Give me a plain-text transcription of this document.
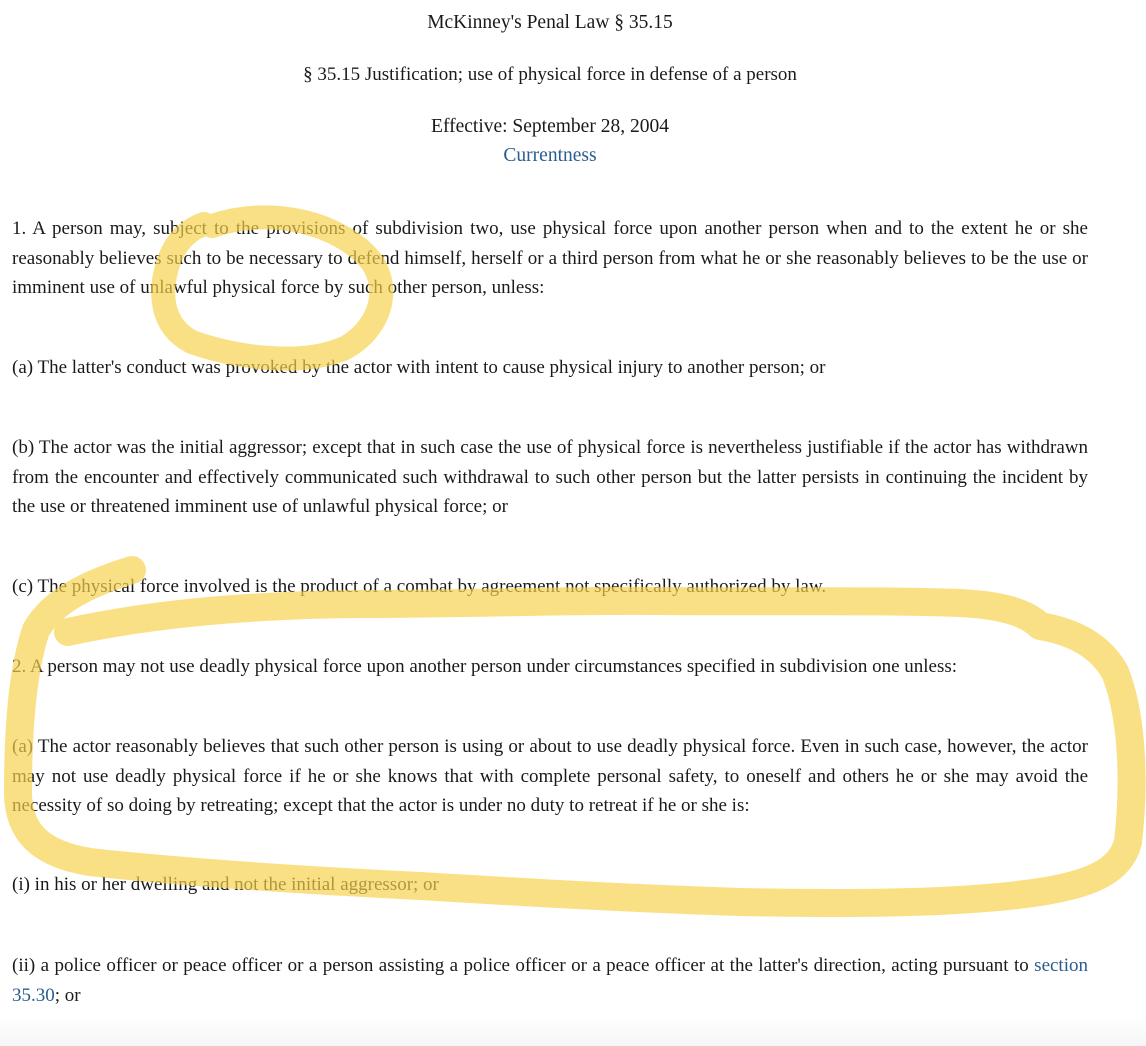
McKinney's Penal Law § 35.15
§ 35.15 Justification; use of physical force in defense of a person
Effective: September 28, 2004
Currentness
1. A person may, subject to the provisions of subdivision two, use physical force upon another person when and to the extent he or she reasonably believes such to be necessary to defend himself, herself or a third person from what he or she reasonably believes to be the use or imminent use of unlawful physical force by such other person, unless:
(a) The latter's conduct was provoked by the actor with intent to cause physical injury to another person; or
(b) The actor was the initial aggressor; except that in such case the use of physical force is nevertheless justifiable if the actor has withdrawn from the encounter and effectively communicated such withdrawal to such other person but the latter persists in continuing the incident by the use or threatened imminent use of unlawful physical force; or
(c) The physical force involved is the product of a combat by agreement not specifically authorized by law.
2. A person may not use deadly physical force upon another person under circumstances specified in subdivision one unless:
(a) The actor reasonably believes that such other person is using or about to use deadly physical force. Even in such case, however, the actor may not use deadly physical force if he or she knows that with complete personal safety, to oneself and others he or she may avoid the necessity of so doing by retreating; except that the actor is under no duty to retreat if he or she is:
(i) in his or her dwelling and not the initial aggressor; or
(ii) a police officer or peace officer or a person assisting a police officer or a peace officer at the latter's direction, acting pursuant to section 35.30; or
